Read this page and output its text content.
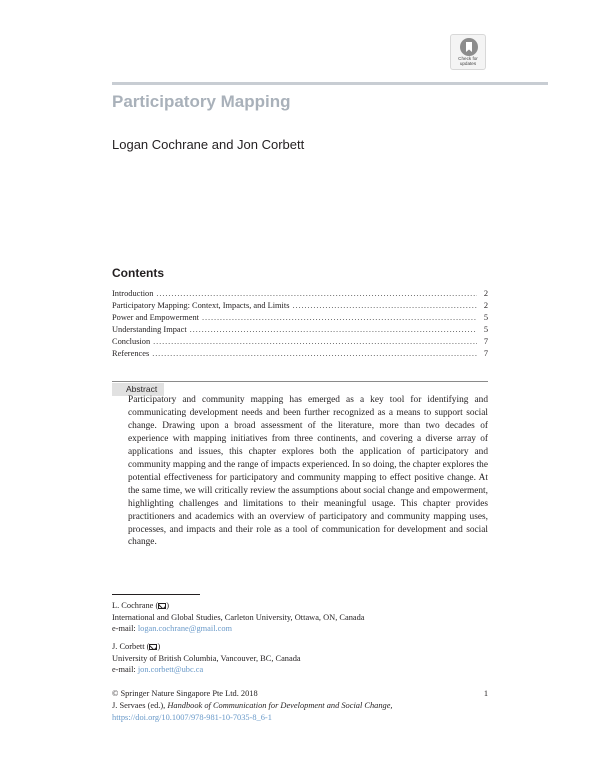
Check for
updates
Participatory Mapping
Logan Cochrane and Jon Corbett
Contents
Introduction . . .	2
Participatory Mapping: Context, Impacts, and Limits . . .	2
Power and Empowerment . . .	5
Understanding Impact . . .	5
Conclusion . . .	7
References . . .	7
Abstract
Participatory and community mapping has emerged as a key tool for identifying and communicating development needs and been further recognized as a means to support social change. Drawing upon a broad assessment of the literature, more than two decades of experience with mapping initiatives from three continents, and covering a diverse array of applications and issues, this chapter explores both the application of participatory and community mapping and the range of impacts experienced. In so doing, the chapter explores the potential effectiveness for participatory and community mapping to effect positive change. At the same time, we will critically review the assumptions about social change and empowerment, highlighting challenges and limitations to their meaningful usage. This chapter provides practitioners and academics with an overview of participatory and community mapping uses, processes, and impacts and their role as a tool of communication for development and social change.
L. Cochrane ( )
International and Global Studies, Carleton University, Ottawa, ON, Canada
e-mail: logan.cochrane@gmail.com
J. Corbett ( )
University of British Columbia, Vancouver, BC, Canada
e-mail: jon.corbett@ubc.ca
© Springer Nature Singapore Pte Ltd. 2018	1
J. Servaes (ed.), Handbook of Communication for Development and Social Change,
https://doi.org/10.1007/978-981-10-7035-8_6-1
